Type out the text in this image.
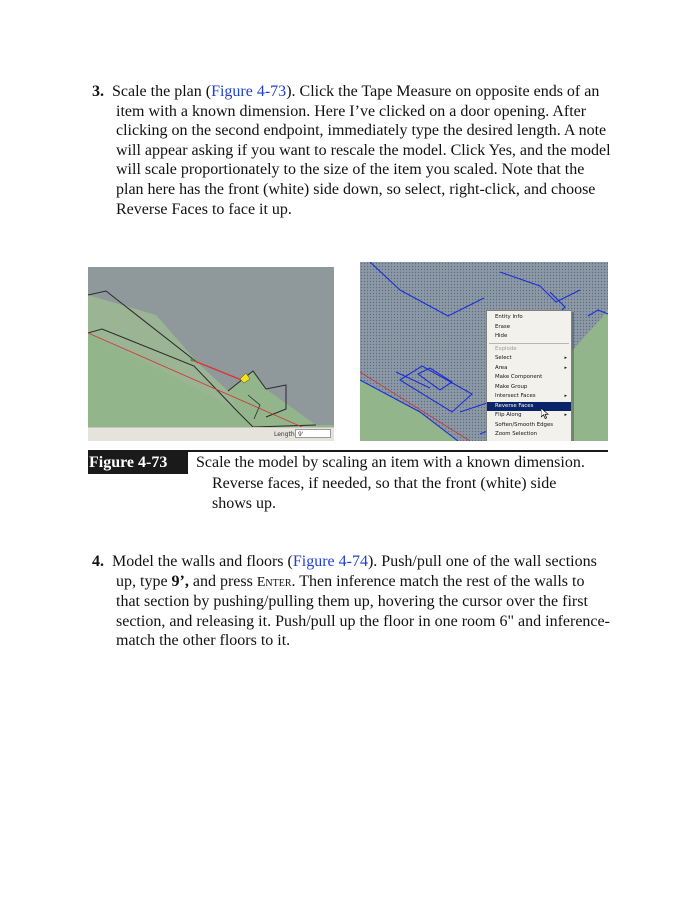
3. Scale the plan (Figure 4-73). Click the Tape Measure on opposite ends of an item with a known dimension. Here I’ve clicked on a door opening. After clicking on the second endpoint, immediately type the desired length. A note will appear asking if you want to rescale the model. Click Yes, and the model will scale proportionately to the size of the item you scaled. Note that the plan here has the front (white) side down, so select, right-click, and choose Reverse Faces to face it up.

Length 9'
Entity Info
Erase
Hide
Explode
Select	▸
Area	▸
Make Component
Make Group
Intersect Faces	▸
Reverse Faces
Flip Along	▸
Soften/Smooth Edges
Zoom Selection
Figure 4-73	Scale the model by scaling an item with a known dimension. Reverse faces, if needed, so that the front (white) side shows up.

4. Model the walls and floors (Figure 4-74). Push/pull one of the wall sections up, type 9’, and press Enter. Then inference match the rest of the walls to that section by pushing/pulling them up, hovering the cursor over the first section, and releasing it. Push/pull up the floor in one room 6" and inference-match the other floors to it.
